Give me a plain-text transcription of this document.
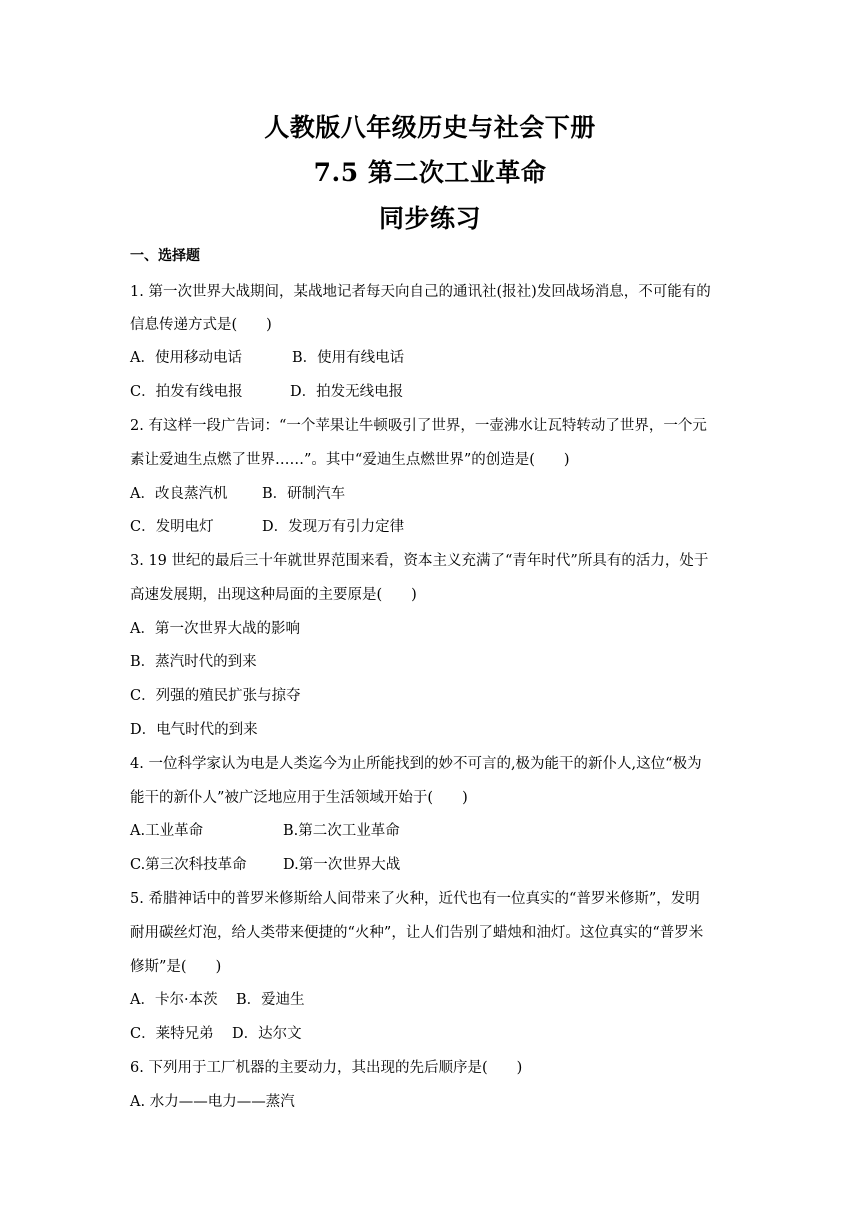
人教版八年级历史与社会下册
7.5 第二次工业革命
同步练习
一、选择题
1. 第一次世界大战期间，某战地记者每天向自己的通讯社(报社)发回战场消息，不可能有的
信息传递方式是(　　)
A．使用移动电话	B．使用有线电话
C．拍发有线电报	D．拍发无线电报
2. 有这样一段广告词：“一个苹果让牛顿吸引了世界，一壶沸水让瓦特转动了世界，一个元
素让爱迪生点燃了世界……”。其中“爱迪生点燃世界”的创造是(　　)
A．改良蒸汽机 B．研制汽车
C．发明电灯	D．发现万有引力定律
3. 19 世纪的最后三十年就世界范围来看，资本主义充满了“青年时代”所具有的活力，处于
高速发展期，出现这种局面的主要原是(　　)
A．第一次世界大战的影响
B．蒸汽时代的到来
C．列强的殖民扩张与掠夺
D．电气时代的到来
4. 一位科学家认为电是人类迄今为止所能找到的妙不可言的,极为能干的新仆人,这位“极为
能干的新仆人”被广泛地应用于生活领域开始于(　　)
A.工业革命	B.第二次工业革命
C.第三次科技革命	D.第一次世界大战
5. 希腊神话中的普罗米修斯给人间带来了火种，近代也有一位真实的“普罗米修斯”，发明
耐用碳丝灯泡，给人类带来便捷的“火种”，让人们告别了蜡烛和油灯。这位真实的“普罗米
修斯”是(　　)
A．卡尔·本茨 B．爱迪生
C．莱特兄弟 D．达尔文
6. 下列用于工厂机器的主要动力，其出现的先后顺序是(　　)
A. 水力——电力——蒸汽
